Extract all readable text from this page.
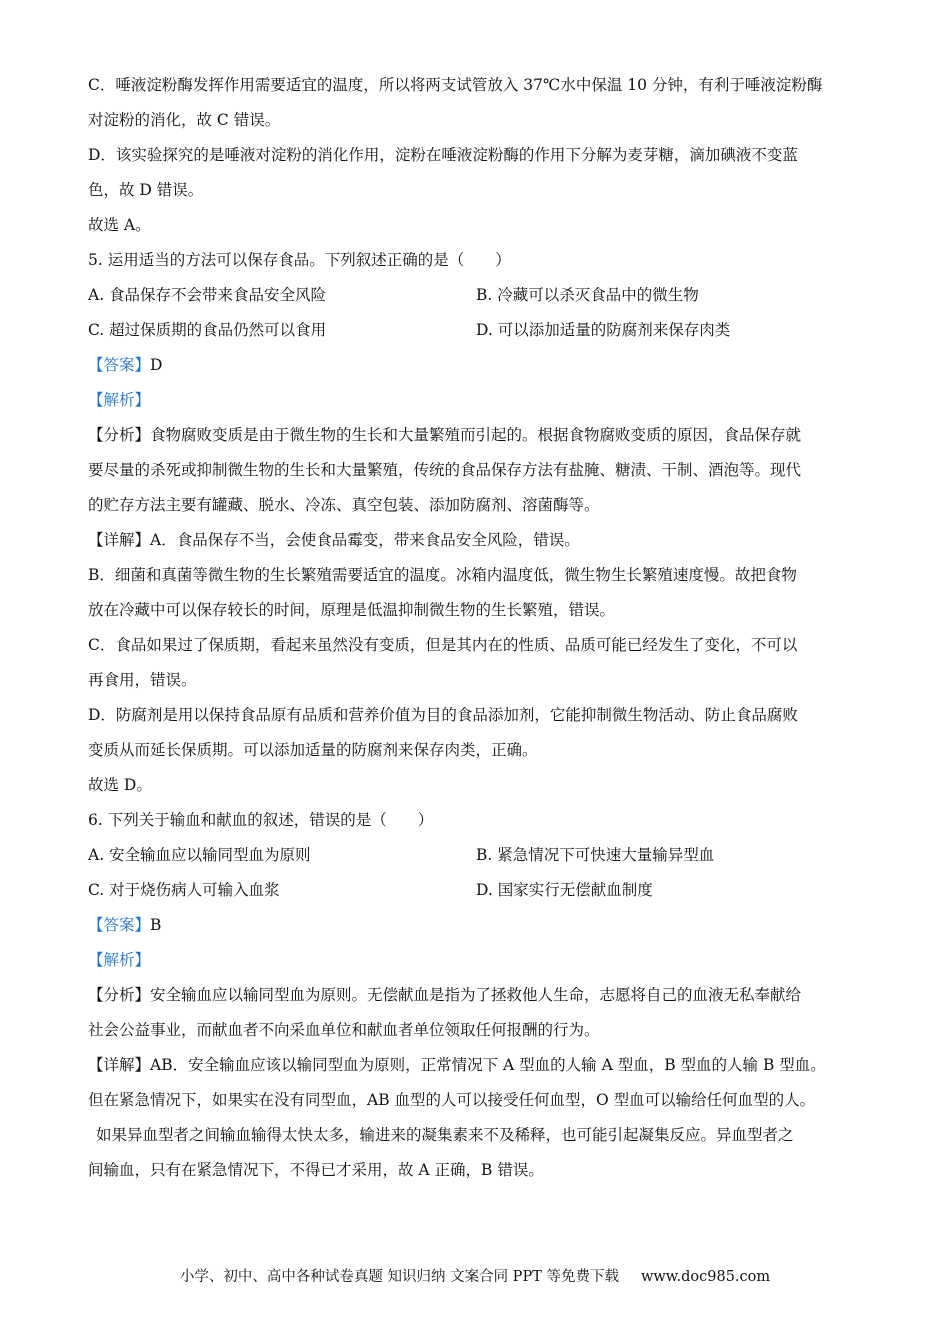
C．唾液淀粉酶发挥作用需要适宜的温度，所以将两支试管放入 37℃水中保温 10 分钟，有利于唾液淀粉酶
对淀粉的消化，故 C 错误。
D．该实验探究的是唾液对淀粉的消化作用，淀粉在唾液淀粉酶的作用下分解为麦芽糖，滴加碘液不变蓝
色，故 D 错误。
故选 A。
5. 运用适当的方法可以保存食品。下列叙述正确的是（　　）
A. 食品保存不会带来食品安全风险	B. 冷藏可以杀灭食品中的微生物
C. 超过保质期的食品仍然可以食用	D. 可以添加适量的防腐剂来保存肉类
【答案】D
【解析】
【分析】食物腐败变质是由于微生物的生长和大量繁殖而引起的。根据食物腐败变质的原因，食品保存就
要尽量的杀死或抑制微生物的生长和大量繁殖，传统的食品保存方法有盐腌、糖渍、干制、酒泡等。现代
的贮存方法主要有罐藏、脱水、冷冻、真空包装、添加防腐剂、溶菌酶等。
【详解】A．食品保存不当，会使食品霉变，带来食品安全风险，错误。
B．细菌和真菌等微生物的生长繁殖需要适宜的温度。冰箱内温度低，微生物生长繁殖速度慢。故把食物
放在冷藏中可以保存较长的时间，原理是低温抑制微生物的生长繁殖，错误。
C．食品如果过了保质期，看起来虽然没有变质，但是其内在的性质、品质可能已经发生了变化，不可以
再食用，错误。
D．防腐剂是用以保持食品原有品质和营养价值为目的食品添加剂，它能抑制微生物活动、防止食品腐败
变质从而延长保质期。可以添加适量的防腐剂来保存肉类，正确。
故选 D。
6. 下列关于输血和献血的叙述，错误的是（　　）
A. 安全输血应以输同型血为原则	B. 紧急情况下可快速大量输异型血
C. 对于烧伤病人可输入血浆	D. 国家实行无偿献血制度
【答案】B
【解析】
【分析】安全输血应以输同型血为原则。无偿献血是指为了拯救他人生命，志愿将自己的血液无私奉献给
社会公益事业，而献血者不向采血单位和献血者单位领取任何报酬的行为。
【详解】AB．安全输血应该以输同型血为原则，正常情况下 A 型血的人输 A 型血，B 型血的人输 B 型血。
但在紧急情况下，如果实在没有同型血，AB 血型的人可以接受任何血型，O 型血可以输给任何血型的人。
如果异血型者之间输血输得太快太多，输进来的凝集素来不及稀释，也可能引起凝集反应。异血型者之
间输血，只有在紧急情况下，不得已才采用，故 A 正确，B 错误。
小学、初中、高中各种试卷真题 知识归纳 文案合同 PPT 等免费下载 www.doc985.com
